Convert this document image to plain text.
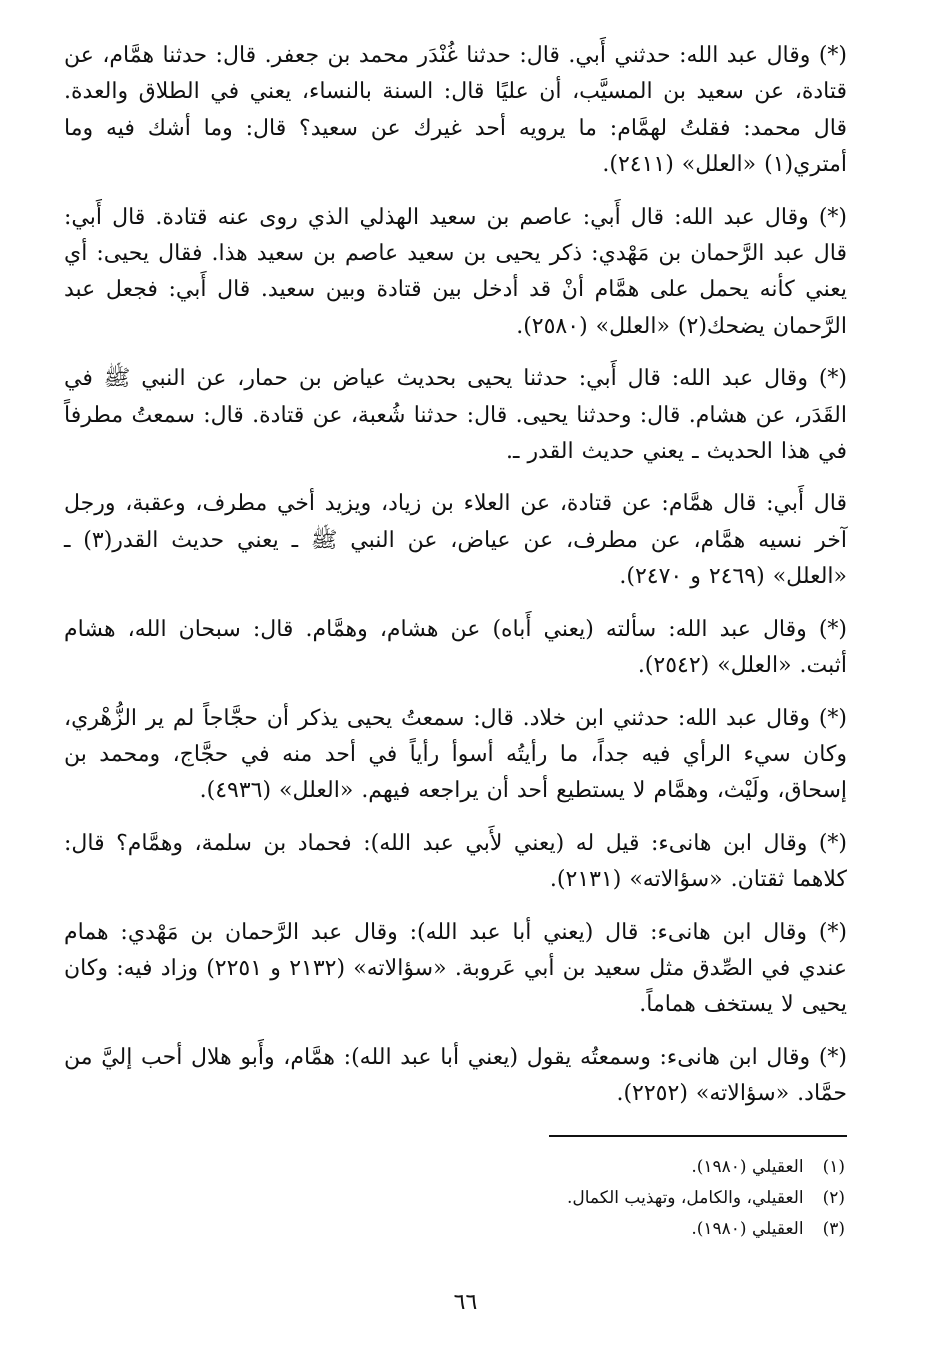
(*) وقال عبد الله: حدثني أَبي. قال: حدثنا غُنْدَر محمد بن جعفر. قال: حدثنا همَّام، عن قتادة، عن سعيد بن المسيَّب، أن عليًا قال: السنة بالنساء، يعني في الطلاق والعدة. قال محمد: فقلتُ لهمَّام: ما يرويه أحد غيرك عن سعيد؟ قال: وما أشك فيه وما أمتري(١) «العلل» (٢٤١١).

(*) وقال عبد الله: قال أَبي: عاصم بن سعيد الهذلي الذي روى عنه قتادة. قال أَبي: قال عبد الرَّحمان بن مَهْدي: ذكر يحيى بن سعيد عاصم بن سعيد هذا. فقال يحيى: أي يعني كأنه يحمل على همَّام أنْ قد أدخل بين قتادة وبين سعيد. قال أَبي: فجعل عبد الرَّحمان يضحك(٢) «العلل» (٢٥٨٠).

(*) وقال عبد الله: قال أَبي: حدثنا يحيى بحديث عياض بن حمار، عن النبي ﷺ في القَدَر، عن هشام. قال: وحدثنا يحيى. قال: حدثنا شُعبة، عن قتادة. قال: سمعتُ مطرفاً في هذا الحديث ـ يعني حديث القدر ـ.

قال أَبي: قال همَّام: عن قتادة، عن العلاء بن زياد، ويزيد أخي مطرف، وعقبة، ورجل آخر نسيه همَّام، عن مطرف، عن عياض، عن النبي ﷺ ـ يعني حديث القدر(٣) ـ «العلل» (٢٤٦٩ و ٢٤٧٠).

(*) وقال عبد الله: سألته (يعني أَباه) عن هشام، وهمَّام. قال: سبحان الله، هشام أثبت. «العلل» (٢٥٤٢).

(*) وقال عبد الله: حدثني ابن خلاد. قال: سمعتُ يحيى يذكر أن حجَّاجاً لم ير الزُّهْري، وكان سيء الرأي فيه جداً، ما رأيتُه أسوأ رأياً في أحد منه في حجَّاج، ومحمد بن إسحاق، ولَيْث، وهمَّام لا يستطيع أحد أن يراجعه فيهم. «العلل» (٤٩٣٦).

(*) وقال ابن هانىء: قيل له (يعني لأَبي عبد الله): فحماد بن سلمة، وهمَّام؟ قال: كلاهما ثقتان. «سؤالاته» (٢١٣١).

(*) وقال ابن هانىء: قال (يعني أبا عبد الله): وقال عبد الرَّحمان بن مَهْدي: همام عندي في الصِّدق مثل سعيد بن أبي عَروبة. «سؤالاته» (٢١٣٢ و ٢٢٥١) وزاد فيه: وكان يحيى لا يستخف هماماً.

(*) وقال ابن هانىء: وسمعتُه يقول (يعني أبا عبد الله): همَّام، وأَبو هلال أحب إليَّ من حمَّاد. «سؤالاته» (٢٢٥٢).

(١) العقيلي (١٩٨٠).
(٢) العقيلي، والكامل، وتهذيب الكمال.
(٣) العقيلي (١٩٨٠).
٦٦
